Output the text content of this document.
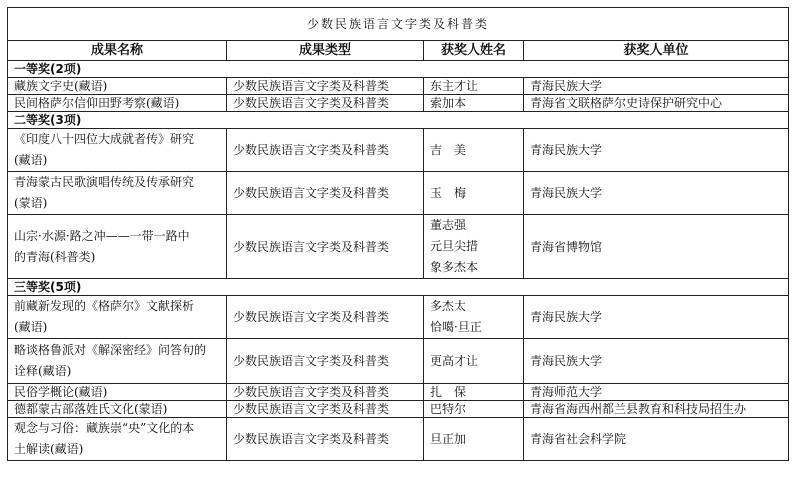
少数民族语言文字类及科普类			
成果名称	成果类型	获奖人姓名	获奖人单位
一等奖(2项)			

藏族文字史(藏语)	少数民族语言文字类及科普类	东主才让	青海民族大学

民间格萨尔信仰田野考察(藏语)	少数民族语言文字类及科普类	索加本	青海省文联格萨尔史诗保护研究中心
二等奖(3项)			

《印度八十四位大成就者传》研究
(藏语)	少数民族语言文字类及科普类	吉　美	青海民族大学

青海蒙古民歌演唱传统及传承研究
(蒙语)	少数民族语言文字类及科普类	玉　梅	青海民族大学

山宗·水源·路之冲——一带一路中
的青海(科普类)	少数民族语言文字类及科普类	董志强
元旦尖措
象多杰本	青海省博物馆
三等奖(5项)			

前藏新发现的《格萨尔》文献探析
(藏语)	少数民族语言文字类及科普类	多杰太
恰噶·旦正	青海民族大学

略谈格鲁派对《解深密经》问答句的
诠释(藏语)	少数民族语言文字类及科普类	更高才让	青海民族大学

民俗学概论(藏语)	少数民族语言文字类及科普类	扎　保	青海师范大学

德都蒙古部落姓氏文化(蒙语)	少数民族语言文字类及科普类	巴特尔	青海省海西州都兰县教育和科技局招生办

观念与习俗：藏族崇“央”文化的本
土解读(藏语)	少数民族语言文字类及科普类	旦正加	青海省社会科学院
